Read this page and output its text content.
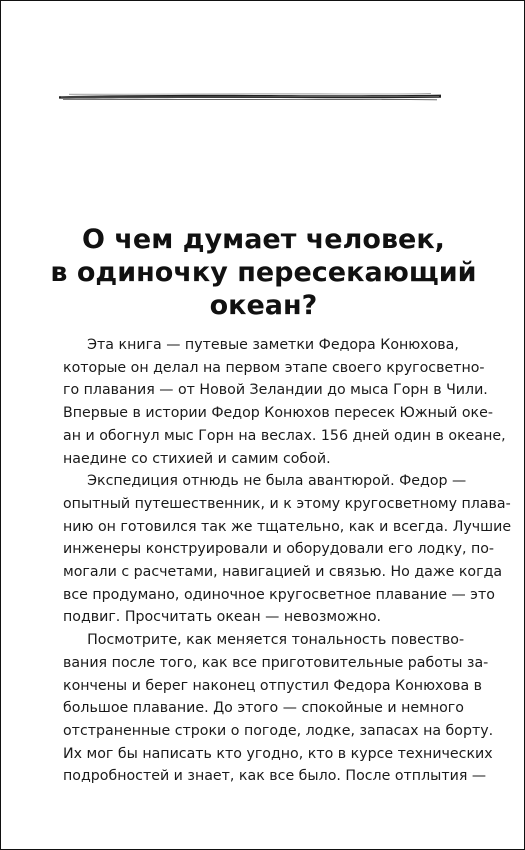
О чем думает человек,
в одиночку пересекающий
океан?
Эта книга — путевые заметки Федора Конюхова,
которые он делал на первом этапе своего кругосветно-
го плавания — от Новой Зеландии до мыса Горн в Чили.
Впервые в истории Федор Конюхов пересек Южный оке-
ан и обогнул мыс Горн на веслах. 156 дней один в океане,
наедине со стихией и самим собой.
Экспедиция отнюдь не была авантюрой. Федор —
опытный путешественник, и к этому кругосветному плава-
нию он готовился так же тщательно, как и всегда. Лучшие
инженеры конструировали и оборудовали его лодку, по-
могали с расчетами, навигацией и связью. Но даже когда
все продумано, одиночное кругосветное плавание — это
подвиг. Просчитать океан — невозможно.
Посмотрите, как меняется тональность повество-
вания после того, как все приготовительные работы за-
кончены и берег наконец отпустил Федора Конюхова в
большое плавание. До этого — спокойные и немного
отстраненные строки о погоде, лодке, запасах на борту.
Их мог бы написать кто угодно, кто в курсе технических
подробностей и знает, как все было. После отплытия —
